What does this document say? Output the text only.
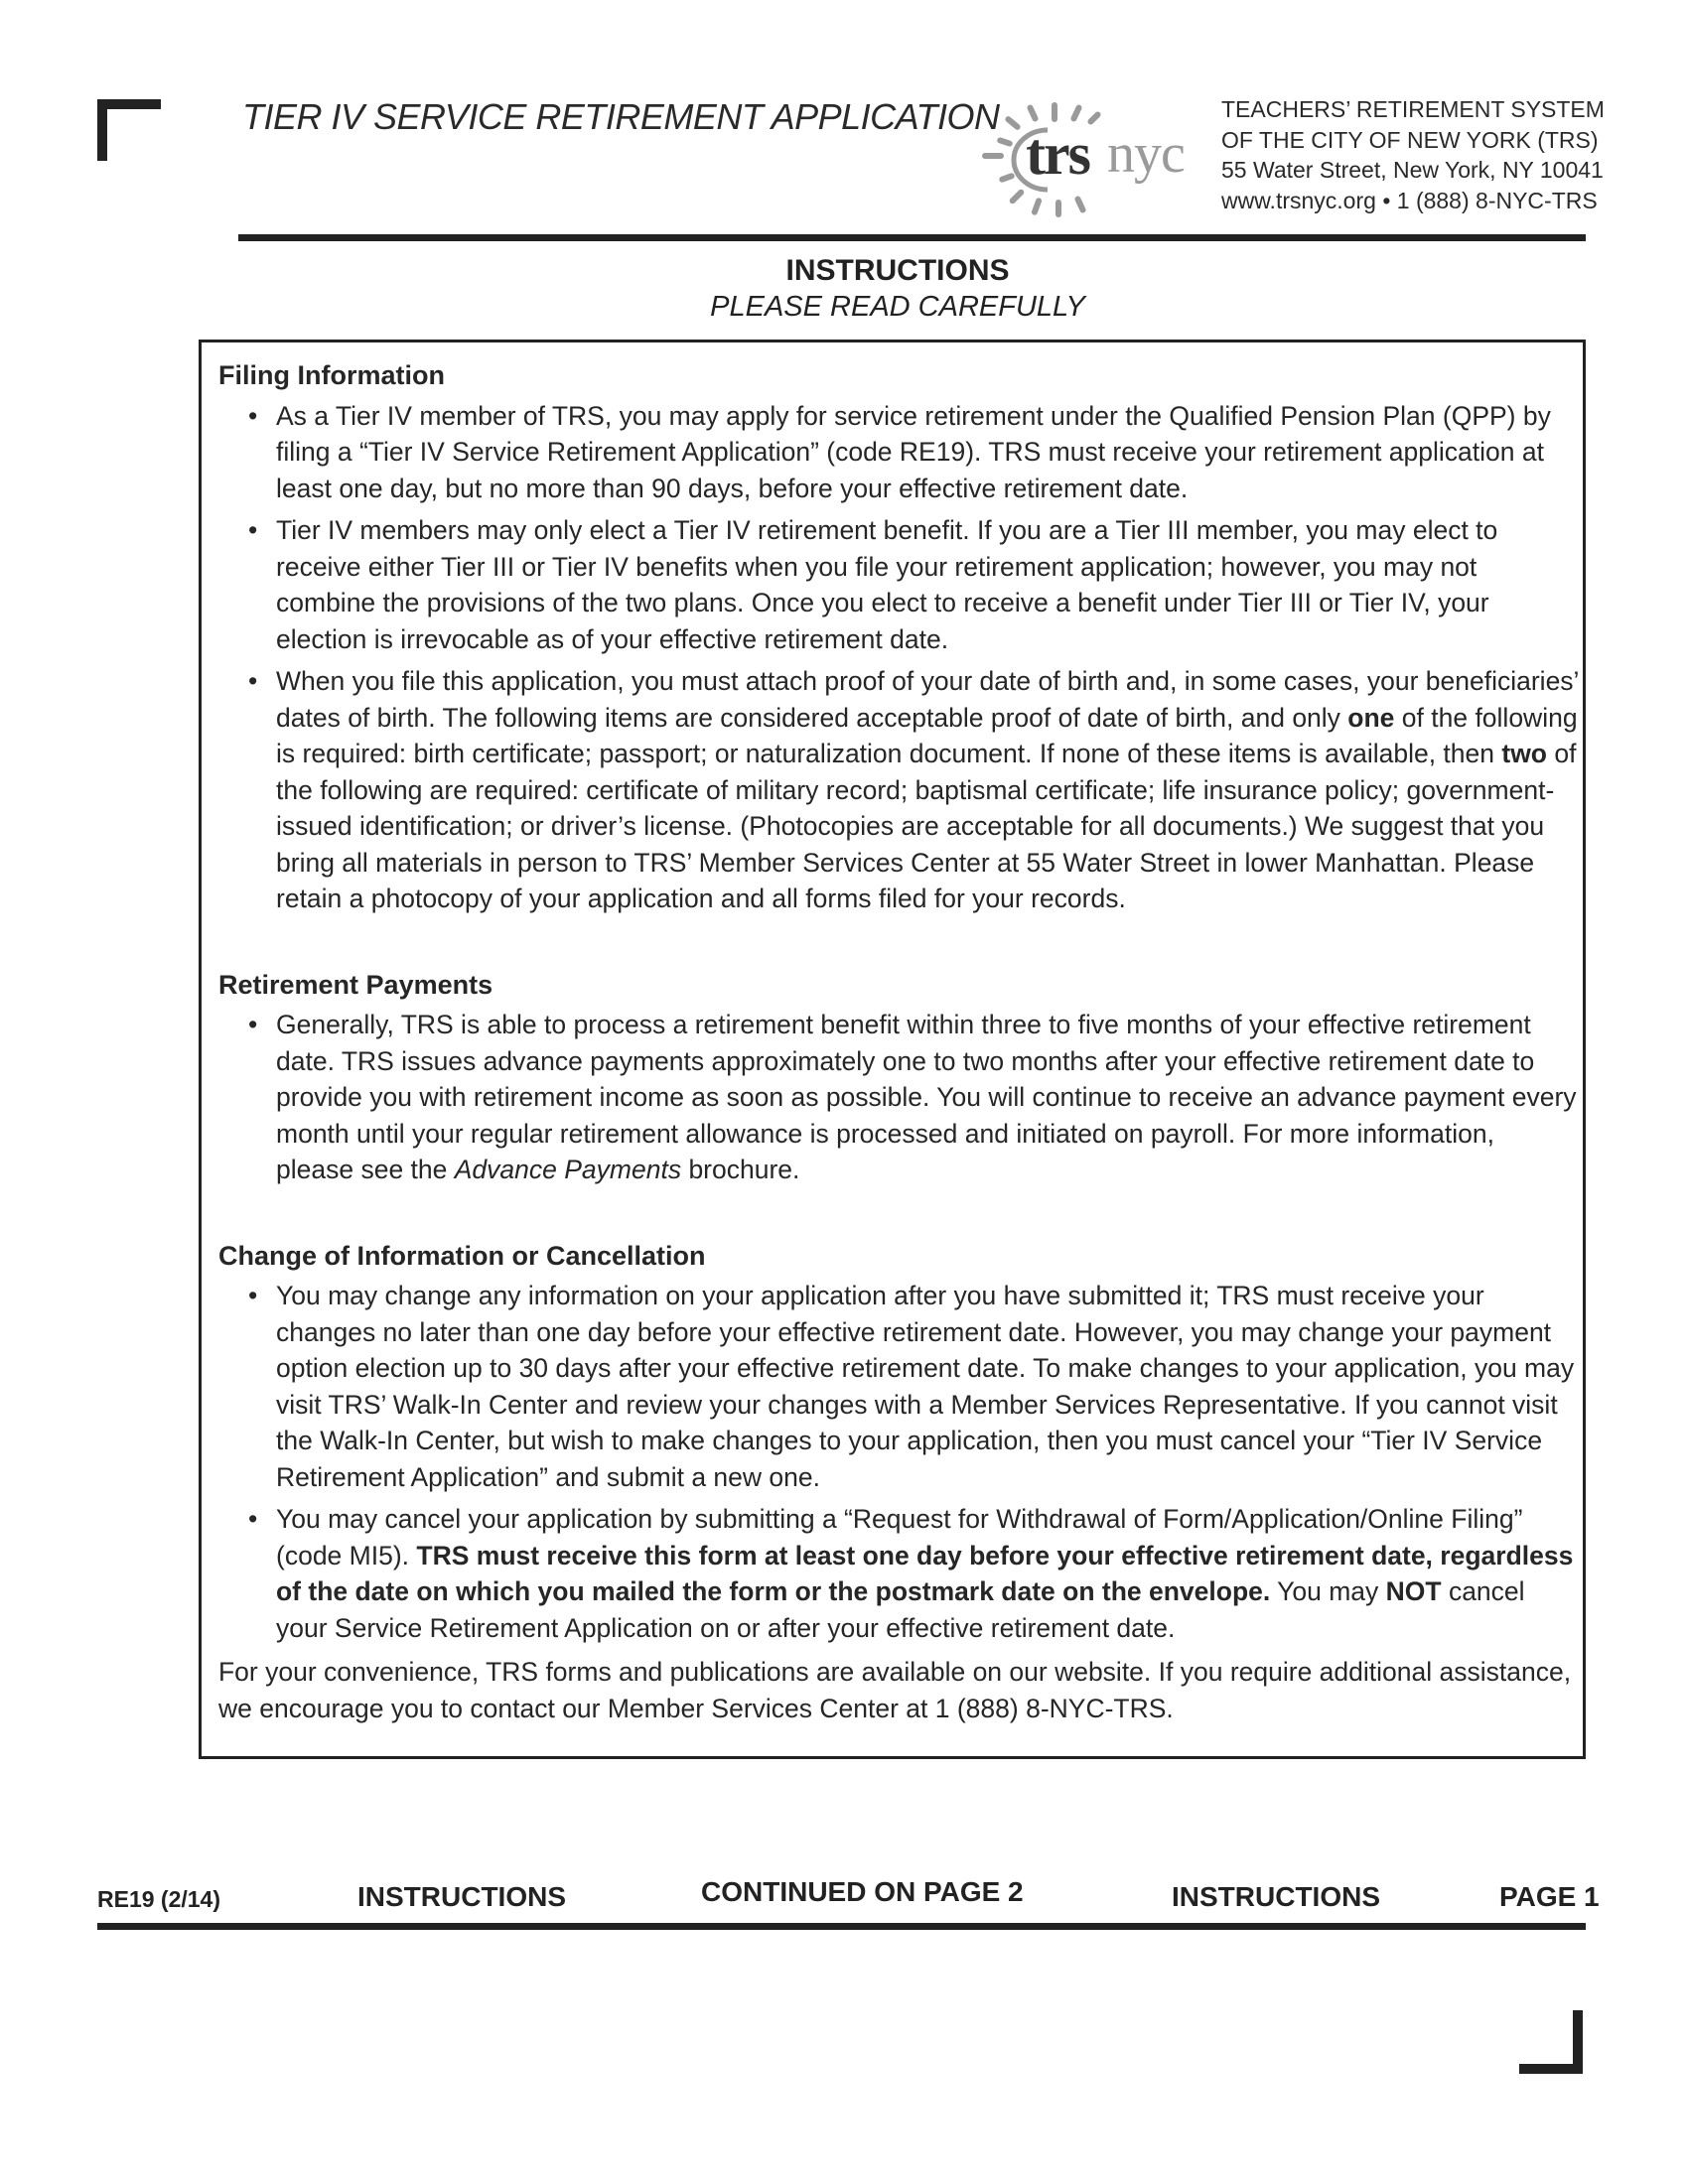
TIER IV SERVICE RETIREMENT APPLICATION
trs nyc
TEACHERS’ RETIREMENT SYSTEM
OF THE CITY OF NEW YORK (TRS)
55 Water Street, New York, NY 10041
www.trsnyc.org • 1 (888) 8-NYC-TRS
INSTRUCTIONS
PLEASE READ CAREFULLY

Filing Information

• As a Tier IV member of TRS, you may apply for service retirement under the Qualified Pension Plan (QPP) by filing a “Tier IV Service Retirement Application” (code RE19). TRS must receive your retirement application at least one day, but no more than 90 days, before your effective retirement date.
• Tier IV members may only elect a Tier IV retirement benefit. If you are a Tier III member, you may elect to receive either Tier III or Tier IV benefits when you file your retirement application; however, you may not combine the provisions of the two plans. Once you elect to receive a benefit under Tier III or Tier IV, your election is irrevocable as of your effective retirement date.
• When you file this application, you must attach proof of your date of birth and, in some cases, your beneficiaries’ dates of birth. The following items are considered acceptable proof of date of birth, and only one of the following is required: birth certificate; passport; or naturalization document. If none of these items is available, then two of the following are required: certificate of military record; baptismal certificate; life insurance policy; government-issued identification; or driver’s license. (Photocopies are acceptable for all documents.) We suggest that you bring all materials in person to TRS’ Member Services Center at 55 Water Street in lower Manhattan. Please retain a photocopy of your application and all forms filed for your records.

Retirement Payments

• Generally, TRS is able to process a retirement benefit within three to five months of your effective retirement date. TRS issues advance payments approximately one to two months after your effective retirement date to provide you with retirement income as soon as possible. You will continue to receive an advance payment every month until your regular retirement allowance is processed and initiated on payroll. For more information, please see the Advance Payments brochure.

Change of Information or Cancellation

• You may change any information on your application after you have submitted it; TRS must receive your changes no later than one day before your effective retirement date. However, you may change your payment option election up to 30 days after your effective retirement date. To make changes to your application, you may visit TRS’ Walk-In Center and review your changes with a Member Services Representative. If you cannot visit the Walk-In Center, but wish to make changes to your application, then you must cancel your “Tier IV Service Retirement Application” and submit a new one.
• You may cancel your application by submitting a “Request for Withdrawal of Form/Application/Online Filing” (code MI5). TRS must receive this form at least one day before your effective retirement date, regardless of the date on which you mailed the form or the postmark date on the envelope. You may NOT cancel your Service Retirement Application on or after your effective retirement date.

For your convenience, TRS forms and publications are available on our website. If you require additional assistance, we encourage you to contact our Member Services Center at 1 (888) 8-NYC-TRS.

RE19 (2/14)	INSTRUCTIONS	CONTINUED ON PAGE 2	INSTRUCTIONS	PAGE 1
